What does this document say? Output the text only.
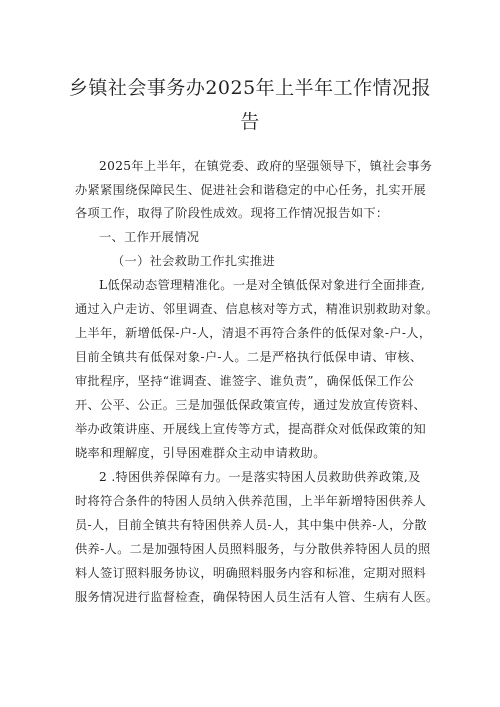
乡镇社会事务办2025年上半年工作情况报
告
2025年上半年，在镇党委、政府的坚强领导下，镇社会事务
办紧紧围绕保障民生、促进社会和谐稳定的中心任务，扎实开展
各项工作，取得了阶段性成效。现将工作情况报告如下：
一、工作开展情况
（一）社会救助工作扎实推进
L低保动态管理精准化。一是对全镇低保对象进行全面排查,
通过入户走访、邻里调查、信息核对等方式，精准识别救助对象。
上半年，新增低保-户-人，清退不再符合条件的低保对象-户-人，
目前全镇共有低保对象-户-人。二是严格执行低保申请、审核、
审批程序，坚持“谁调查、谁签字、谁负责”，确保低保工作公
开、公平、公正。三是加强低保政策宣传，通过发放宣传资料、
举办政策讲座、开展线上宣传等方式，提高群众对低保政策的知
晓率和理解度，引导困难群众主动申请救助。
2 .特困供养保障有力。一是落实特困人员救助供养政策,及
时将符合条件的特困人员纳入供养范围，上半年新增特困供养人
员-人，目前全镇共有特困供养人员-人，其中集中供养-人，分散
供养-人。二是加强特困人员照料服务，与分散供养特困人员的照
料人签订照料服务协议，明确照料服务内容和标准，定期对照料
服务情况进行监督检查，确保特困人员生活有人管、生病有人医。
